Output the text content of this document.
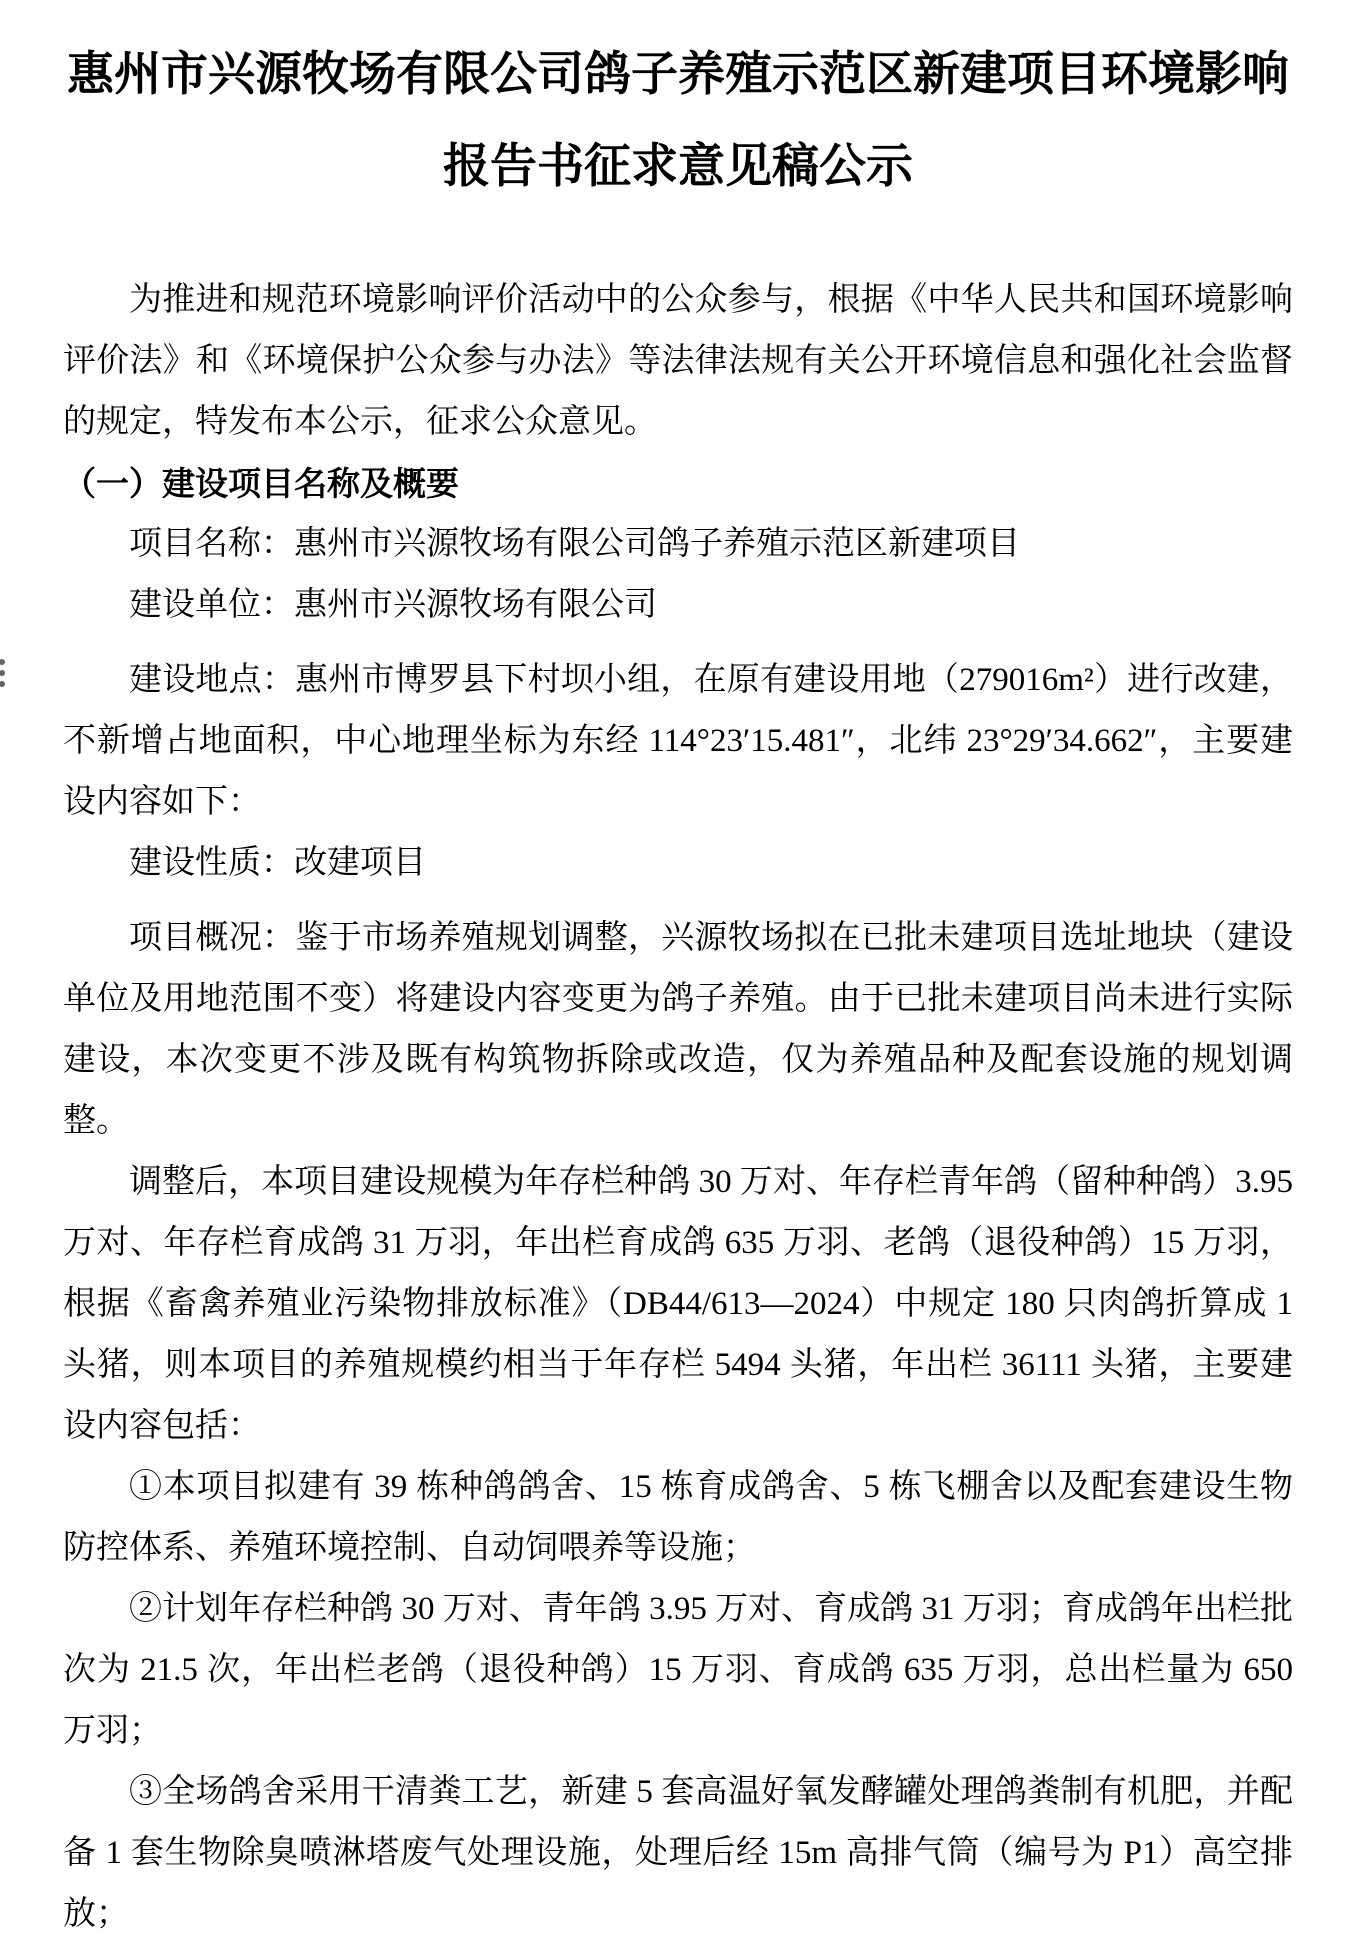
惠州市兴源牧场有限公司鸽子养殖示范区新建项目环境影响报告书征求意见稿公示

为推进和规范环境影响评价活动中的公众参与，根据《中华人民共和国环境影响评价法》和《环境保护公众参与办法》等法律法规有关公开环境信息和强化社会监督的规定，特发布本公示，征求公众意见。

（一）建设项目名称及概要

项目名称：惠州市兴源牧场有限公司鸽子养殖示范区新建项目

建设单位：惠州市兴源牧场有限公司

建设地点：惠州市博罗县下村坝小组，在原有建设用地（279016m²）进行改建，不新增占地面积，中心地理坐标为东经 114°23′15.481″，北纬 23°29′34.662″，主要建设内容如下：

建设性质：改建项目

项目概况：鉴于市场养殖规划调整，兴源牧场拟在已批未建项目选址地块（建设单位及用地范围不变）将建设内容变更为鸽子养殖。由于已批未建项目尚未进行实际建设，本次变更不涉及既有构筑物拆除或改造，仅为养殖品种及配套设施的规划调整。

调整后，本项目建设规模为年存栏种鸽 30 万对、年存栏青年鸽（留种种鸽）3.95 万对、年存栏育成鸽 31 万羽，年出栏育成鸽 635 万羽、老鸽（退役种鸽）15 万羽，根据《畜禽养殖业污染物排放标准》（DB44/613—2024）中规定 180 只肉鸽折算成 1 头猪，则本项目的养殖规模约相当于年存栏 5494 头猪，年出栏 36111 头猪，主要建设内容包括：

①本项目拟建有 39 栋种鸽鸽舍、15 栋育成鸽舍、5 栋飞棚舍以及配套建设生物防控体系、养殖环境控制、自动饲喂养等设施；

②计划年存栏种鸽 30 万对、青年鸽 3.95 万对、育成鸽 31 万羽；育成鸽年出栏批次为 21.5 次，年出栏老鸽（退役种鸽）15 万羽、育成鸽 635 万羽，总出栏量为 650 万羽；

③全场鸽舍采用干清粪工艺，新建 5 套高温好氧发酵罐处理鸽粪制有机肥，并配备 1 套生物除臭喷淋塔废气处理设施，处理后经 15m 高排气筒（编号为 P1）高空排放；
